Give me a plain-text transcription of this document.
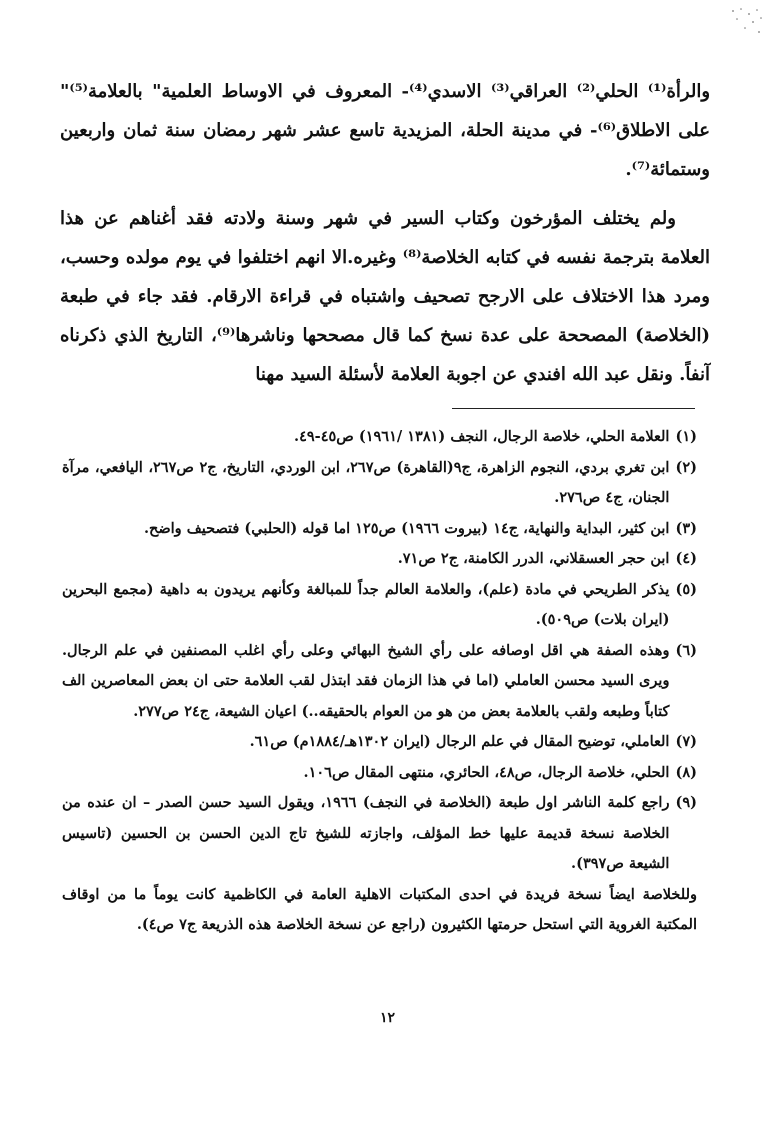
والرأة⁽¹⁾ الحلي⁽²⁾ العراقي⁽³⁾ الاسدي⁽⁴⁾- المعروف في الاوساط العلمية" بالعلامة⁽⁵⁾" على الاطلاق⁽⁶⁾- في مدينة الحلة، المزيدية تاسع عشر شهر رمضان سنة ثمان واربعين وستمائة⁽⁷⁾.

ولم يختلف المؤرخون وكتاب السير في شهر وسنة ولادته فقد أغناهم عن هذا العلامة بترجمة نفسه في كتابه الخلاصة⁽⁸⁾ وغيره.الا انهم اختلفوا في يوم مولده وحسب، ومرد هذا الاختلاف على الارجح تصحيف واشتباه في قراءة الارقام. فقد جاء في طبعة (الخلاصة) المصححة على عدة نسخ كما قال مصححها وناشرها⁽⁹⁾، التاريخ الذي ذكرناه آنفاً. ونقل عبد الله افندي عن اجوبة العلامة لأسئلة السيد مهنا

(١)
العلامة الحلي، خلاصة الرجال، النجف (١٣٨١ /١٩٦١) ص٤٥-٤٩.
(٢)
ابن تغري بردي، النجوم الزاهرة، ج٩(القاهرة) ص٢٦٧، ابن الوردي، التاريخ، ج٢ ص٢٦٧، اليافعي، مرآة الجنان، ج٤ ص٢٧٦.
(٣)
ابن كثير، البداية والنهاية، ج١٤ (بيروت ١٩٦٦) ص١٢٥ اما قوله (الحلبي) فتصحيف واضح.
(٤)
ابن حجر العسقلاني، الدرر الكامنة، ج٢ ص٧١.
(٥)
يذكر الطريحي في مادة (علم)، والعلامة العالم جداً للمبالغة وكأنهم يريدون به داهية (مجمع البحرين (ايران بلات) ص٥٠٩).
(٦)
وهذه الصفة هي اقل اوصافه على رأي الشيخ البهائي وعلى رأي اغلب المصنفين في علم الرجال. ويرى السيد محسن العاملي (اما في هذا الزمان فقد ابتذل لقب العلامة حتى ان بعض المعاصرين الف كتاباً وطبعه ولقب بالعلامة بعض من هو من العوام بالحقيقه..) اعيان الشيعة، ج٢٤ ص٢٧٧.
(٧)
العاملي، توضيح المقال في علم الرجال (ايران ١٣٠٢هـ/١٨٨٤م) ص٦١.
(٨)
الحلي، خلاصة الرجال، ص٤٨، الحائري، منتهى المقال ص١٠٦.
(٩)
راجع كلمة الناشر اول طبعة (الخلاصة في النجف) ١٩٦٦، ويقول السيد حسن الصدر – ان عنده من الخلاصة نسخة قديمة عليها خط المؤلف، واجازته للشيخ تاج الدين الحسن بن الحسين (تاسيس الشيعة ص٣٩٧).

وللخلاصة ايضاً نسخة فريدة في احدى المكتبات الاهلية العامة في الكاظمية كانت يوماً ما من اوقاف المكتبة الغروية التي استحل حرمتها الكثيرون (راجع عن نسخة الخلاصة هذه الذريعة ج٧ ص٤).

١٢
